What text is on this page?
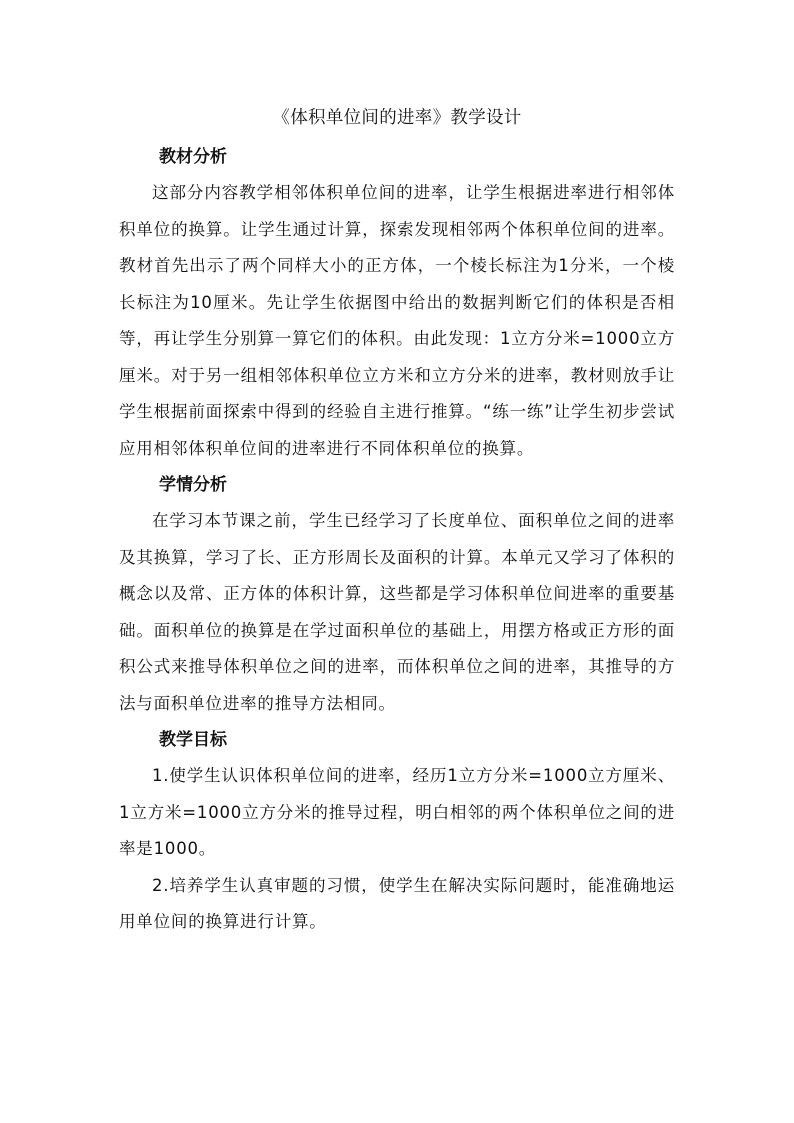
《体积单位间的进率》教学设计
教材分析

这部分内容教学相邻体积单位间的进率，让学生根据进率进行相邻体积单位的换算。让学生通过计算，探索发现相邻两个体积单位间的进率。教材首先出示了两个同样大小的正方体，一个棱长标注为1分米，一个棱长标注为10厘米。先让学生依据图中给出的数据判断它们的体积是否相等，再让学生分别算一算它们的体积。由此发现：1立方分米=1000立方厘米。对于另一组相邻体积单位立方米和立方分米的进率，教材则放手让学生根据前面探索中得到的经验自主进行推算。“练一练”让学生初步尝试应用相邻体积单位间的进率进行不同体积单位的换算。

学情分析

在学习本节课之前，学生已经学习了长度单位、面积单位之间的进率及其换算，学习了长、正方形周长及面积的计算。本单元又学习了体积的概念以及常、正方体的体积计算，这些都是学习体积单位间进率的重要基础。面积单位的换算是在学过面积单位的基础上，用摆方格或正方形的面积公式来推导体积单位之间的进率，而体积单位之间的进率，其推导的方法与面积单位进率的推导方法相同。

教学目标

1.使学生认识体积单位间的进率，经历1立方分米=1000立方厘米、1立方米=1000立方分米的推导过程，明白相邻的两个体积单位之间的进率是1000。

2.培养学生认真审题的习惯，使学生在解决实际问题时，能准确地运用单位间的换算进行计算。
